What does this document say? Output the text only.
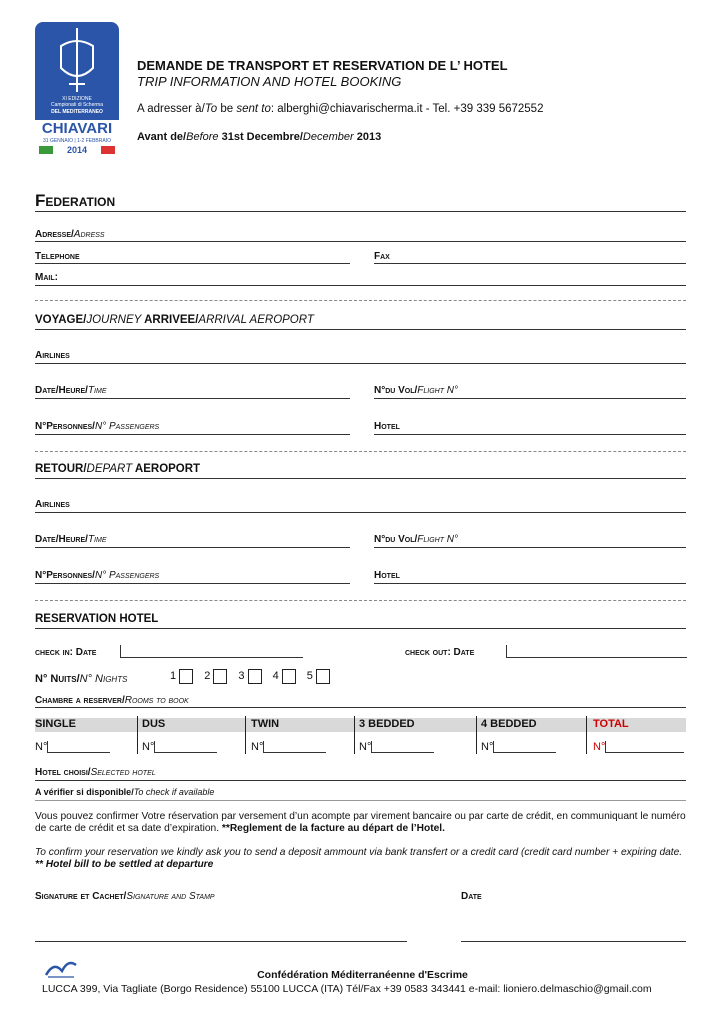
XI EDIZIONE
Campionati di Scherma
DEL MEDITERRANEO
CHIAVARI
31 GENNAIO | 1-2 FEBBRAIO
2014
DEMANDE DE TRANSPORT ET RESERVATION DE L’ HOTEL
TRIP INFORMATION AND HOTEL BOOKING
A adresser à/To be sent to: alberghi@chiavarischerma.it - Tel. +39 339 5672552
Avant de/Before 31st Decembre/December 2013
Federation
Adresse/Adress
Telephone	Fax
Mail:
VOYAGE/JOURNEY ARRIVEE/ARRIVAL AEROPORT
Airlines
Date/Heure/Time	N°du Vol/Flight N°
N°Personnes/N° Passengers	Hotel
RETOUR/DEPART AEROPORT
Airlines
Date/Heure/Time	N°du Vol/Flight N°
N°Personnes/N° Passengers	Hotel
RESERVATION HOTEL
check in: Date	check out: Date
N° Nuits/N° Nights	1	2	3	4	5
Chambre a reserver/Rooms to book
SINGLE	DUS	TWIN	3 BEDDED	4 BEDDED	TOTAL
N°	N°	N°	N°	N°	N°
Hotel choisi/Selected hotel
A vérifier si disponible/To check if available
Vous pouvez confirmer Votre réservation par versement d’un acompte par virement bancaire ou par carte de crédit, en communiquant le numéro de carte de crédit et sa date d’expiration. **Reglement de la facture au départ de l’Hotel.
To confirm your reservation we kindly ask you to send a deposit ammount via bank transfert or a credit card (credit card number + expiring date. ** Hotel bill to be settled at departure
Signature et Cachet/Signature and Stamp	Date
Confédération Méditerranéenne d'Escrime
LUCCA 399, Via Tagliate (Borgo Residence) 55100 LUCCA (ITA) Tél/Fax +39 0583 343441 e-mail: lioniero.delmaschio@gmail.com
